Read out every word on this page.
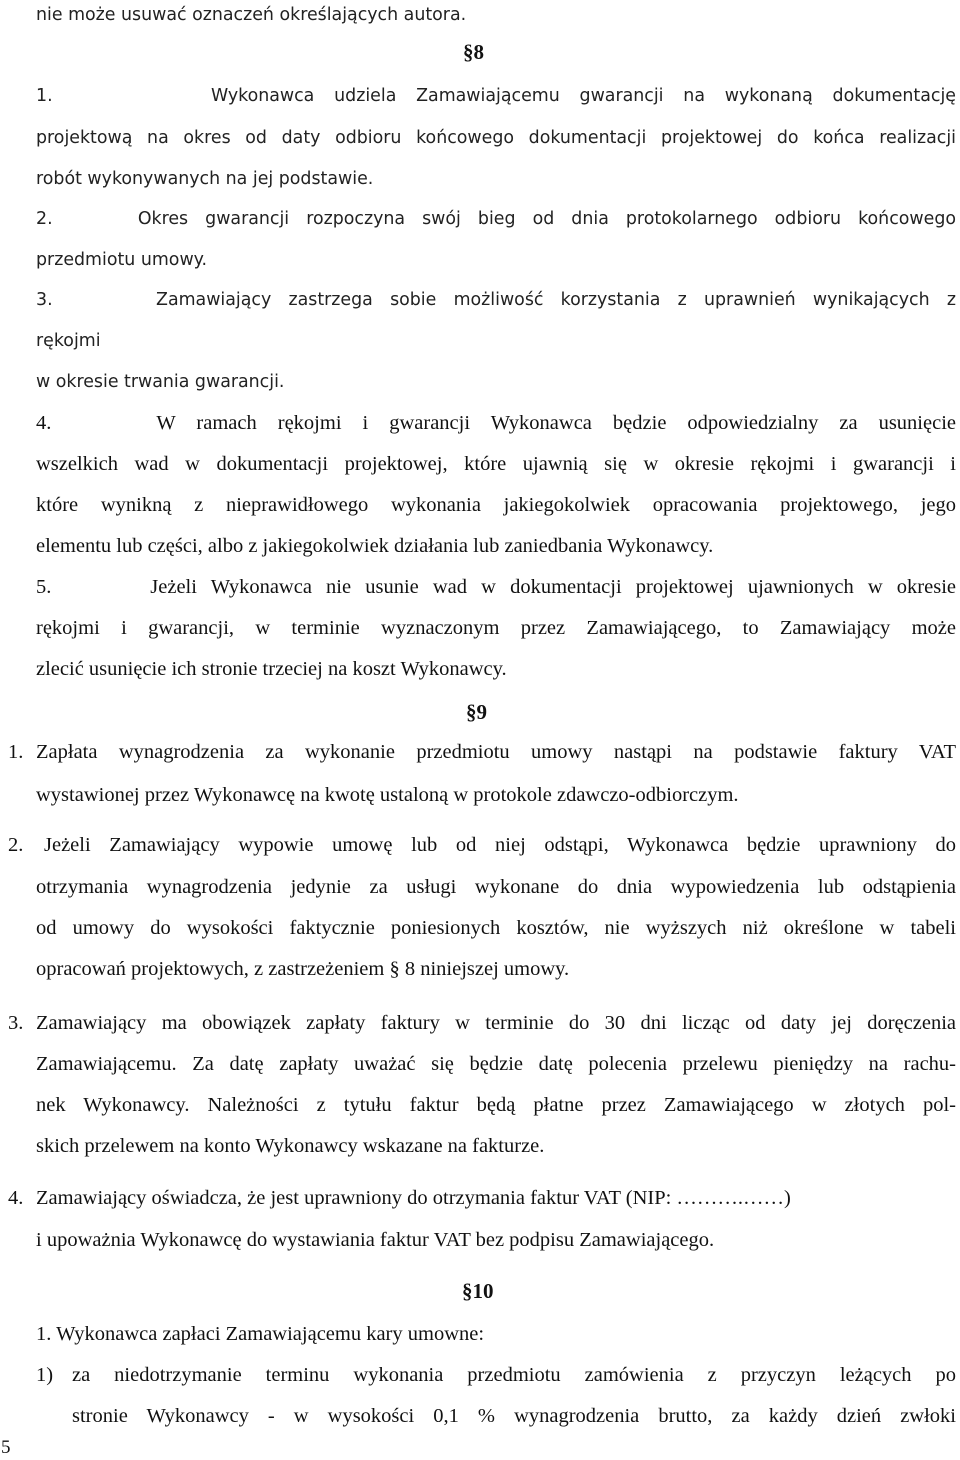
nie może usuwać oznaczeń określających autora.
§8
1.        Wykonawca udziela Zamawiającemu gwarancji na wykonaną dokumentację
projektową na okres od daty odbioru końcowego dokumentacji projektowej do końca realizacji
robót wykonywanych na jej podstawie.
2.     Okres gwarancji rozpoczyna swój bieg od dnia protokolarnego odbioru końcowego
przedmiotu umowy.
3.      Zamawiający zastrzega sobie możliwość korzystania z uprawnień wynikających z
rękojmi
w okresie trwania gwarancji.
4.     W ramach rękojmi i gwarancji Wykonawca będzie odpowiedzialny za usunięcie
wszelkich wad w dokumentacji projektowej, które ujawnią się w okresie rękojmi i gwarancji i
które wynikną z nieprawidłowego wykonania jakiegokolwiek opracowania projektowego, jego
elementu lub części, albo z jakiegokolwiek działania lub zaniedbania Wykonawcy.
5.       Jeżeli Wykonawca nie usunie wad w dokumentacji projektowej ujawnionych w okresie
rękojmi i gwarancji, w terminie wyznaczonym przez Zamawiającego, to Zamawiający może
zlecić usunięcie ich stronie trzeciej na koszt Wykonawcy.
§9
1. Zapłata wynagrodzenia za wykonanie przedmiotu umowy nastąpi na podstawie faktury VAT
wystawionej przez Wykonawcę na kwotę ustaloną w protokole zdawczo-odbiorczym.
2. Jeżeli Zamawiający wypowie umowę lub od niej odstąpi, Wykonawca będzie uprawniony do
otrzymania wynagrodzenia jedynie za usługi wykonane do dnia wypowiedzenia lub odstąpienia
od umowy do wysokości faktycznie poniesionych kosztów, nie wyższych niż określone w tabeli
opracowań projektowych, z zastrzeżeniem § 8 niniejszej umowy.
3. Zamawiający ma obowiązek zapłaty faktury w terminie do 30 dni licząc od daty jej doręczenia
Zamawiającemu. Za datę zapłaty uważać się będzie datę polecenia przelewu pieniędzy na rachu-
nek Wykonawcy. Należności z tytułu faktur będą płatne przez Zamawiającego w złotych pol-
skich przelewem na konto Wykonawcy wskazane na fakturze.
4. Zamawiający oświadcza, że jest uprawniony do otrzymania faktur VAT (NIP: ……….……)
i upoważnia Wykonawcę do wystawiania faktur VAT bez podpisu Zamawiającego.
§10
1. Wykonawca zapłaci Zamawiającemu kary umowne:
1) za niedotrzymanie terminu wykonania przedmiotu zamówienia z przyczyn leżących po
stronie Wykonawcy - w wysokości 0,1 % wynagrodzenia brutto, za każdy dzień zwłoki
5
